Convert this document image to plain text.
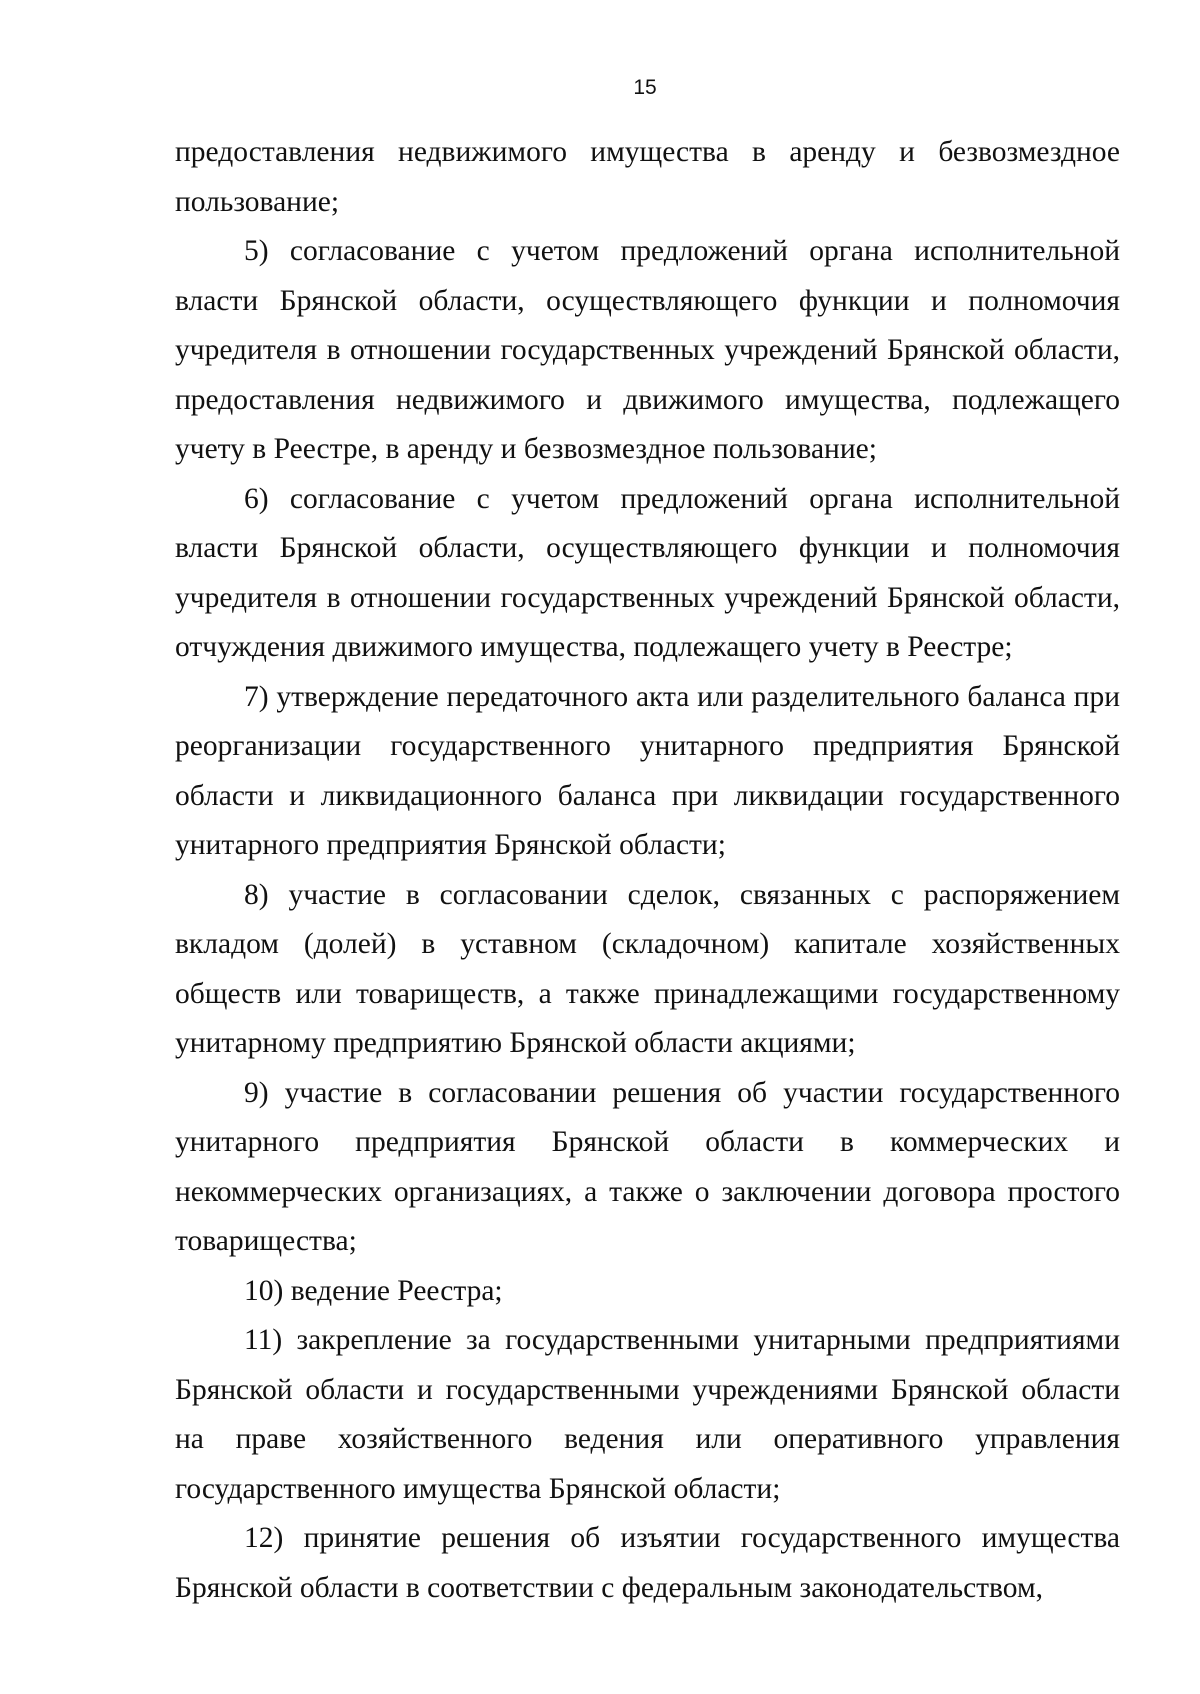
15

предоставления недвижимого имущества в аренду и безвозмездное пользование;

5) согласование с учетом предложений органа исполнительной власти Брянской области, осуществляющего функции и полномочия учредителя в отношении государственных учреждений Брянской области, предоставления недвижимого и движимого имущества, подлежащего учету в Реестре, в аренду и безвозмездное пользование;

6) согласование с учетом предложений органа исполнительной власти Брянской области, осуществляющего функции и полномочия учредителя в отношении государственных учреждений Брянской области, отчуждения движимого имущества, подлежащего учету в Реестре;

7) утверждение передаточного акта или разделительного баланса при реорганизации государственного унитарного предприятия Брянской области и ликвидационного баланса при ликвидации государственного унитарного предприятия Брянской области;

8) участие в согласовании сделок, связанных с распоряжением вкладом (долей) в уставном (складочном) капитале хозяйственных обществ или товариществ, а также принадлежащими государственному унитарному предприятию Брянской области акциями;

9) участие в согласовании решения об участии государственного унитарного предприятия Брянской области в коммерческих и некоммерческих организациях, а также о заключении договора простого товарищества;

10) ведение Реестра;

11) закрепление за государственными унитарными предприятиями Брянской области и государственными учреждениями Брянской области на праве хозяйственного ведения или оперативного управления государственного имущества Брянской области;

12) принятие решения об изъятии государственного имущества Брянской области в соответствии с федеральным законодательством,
